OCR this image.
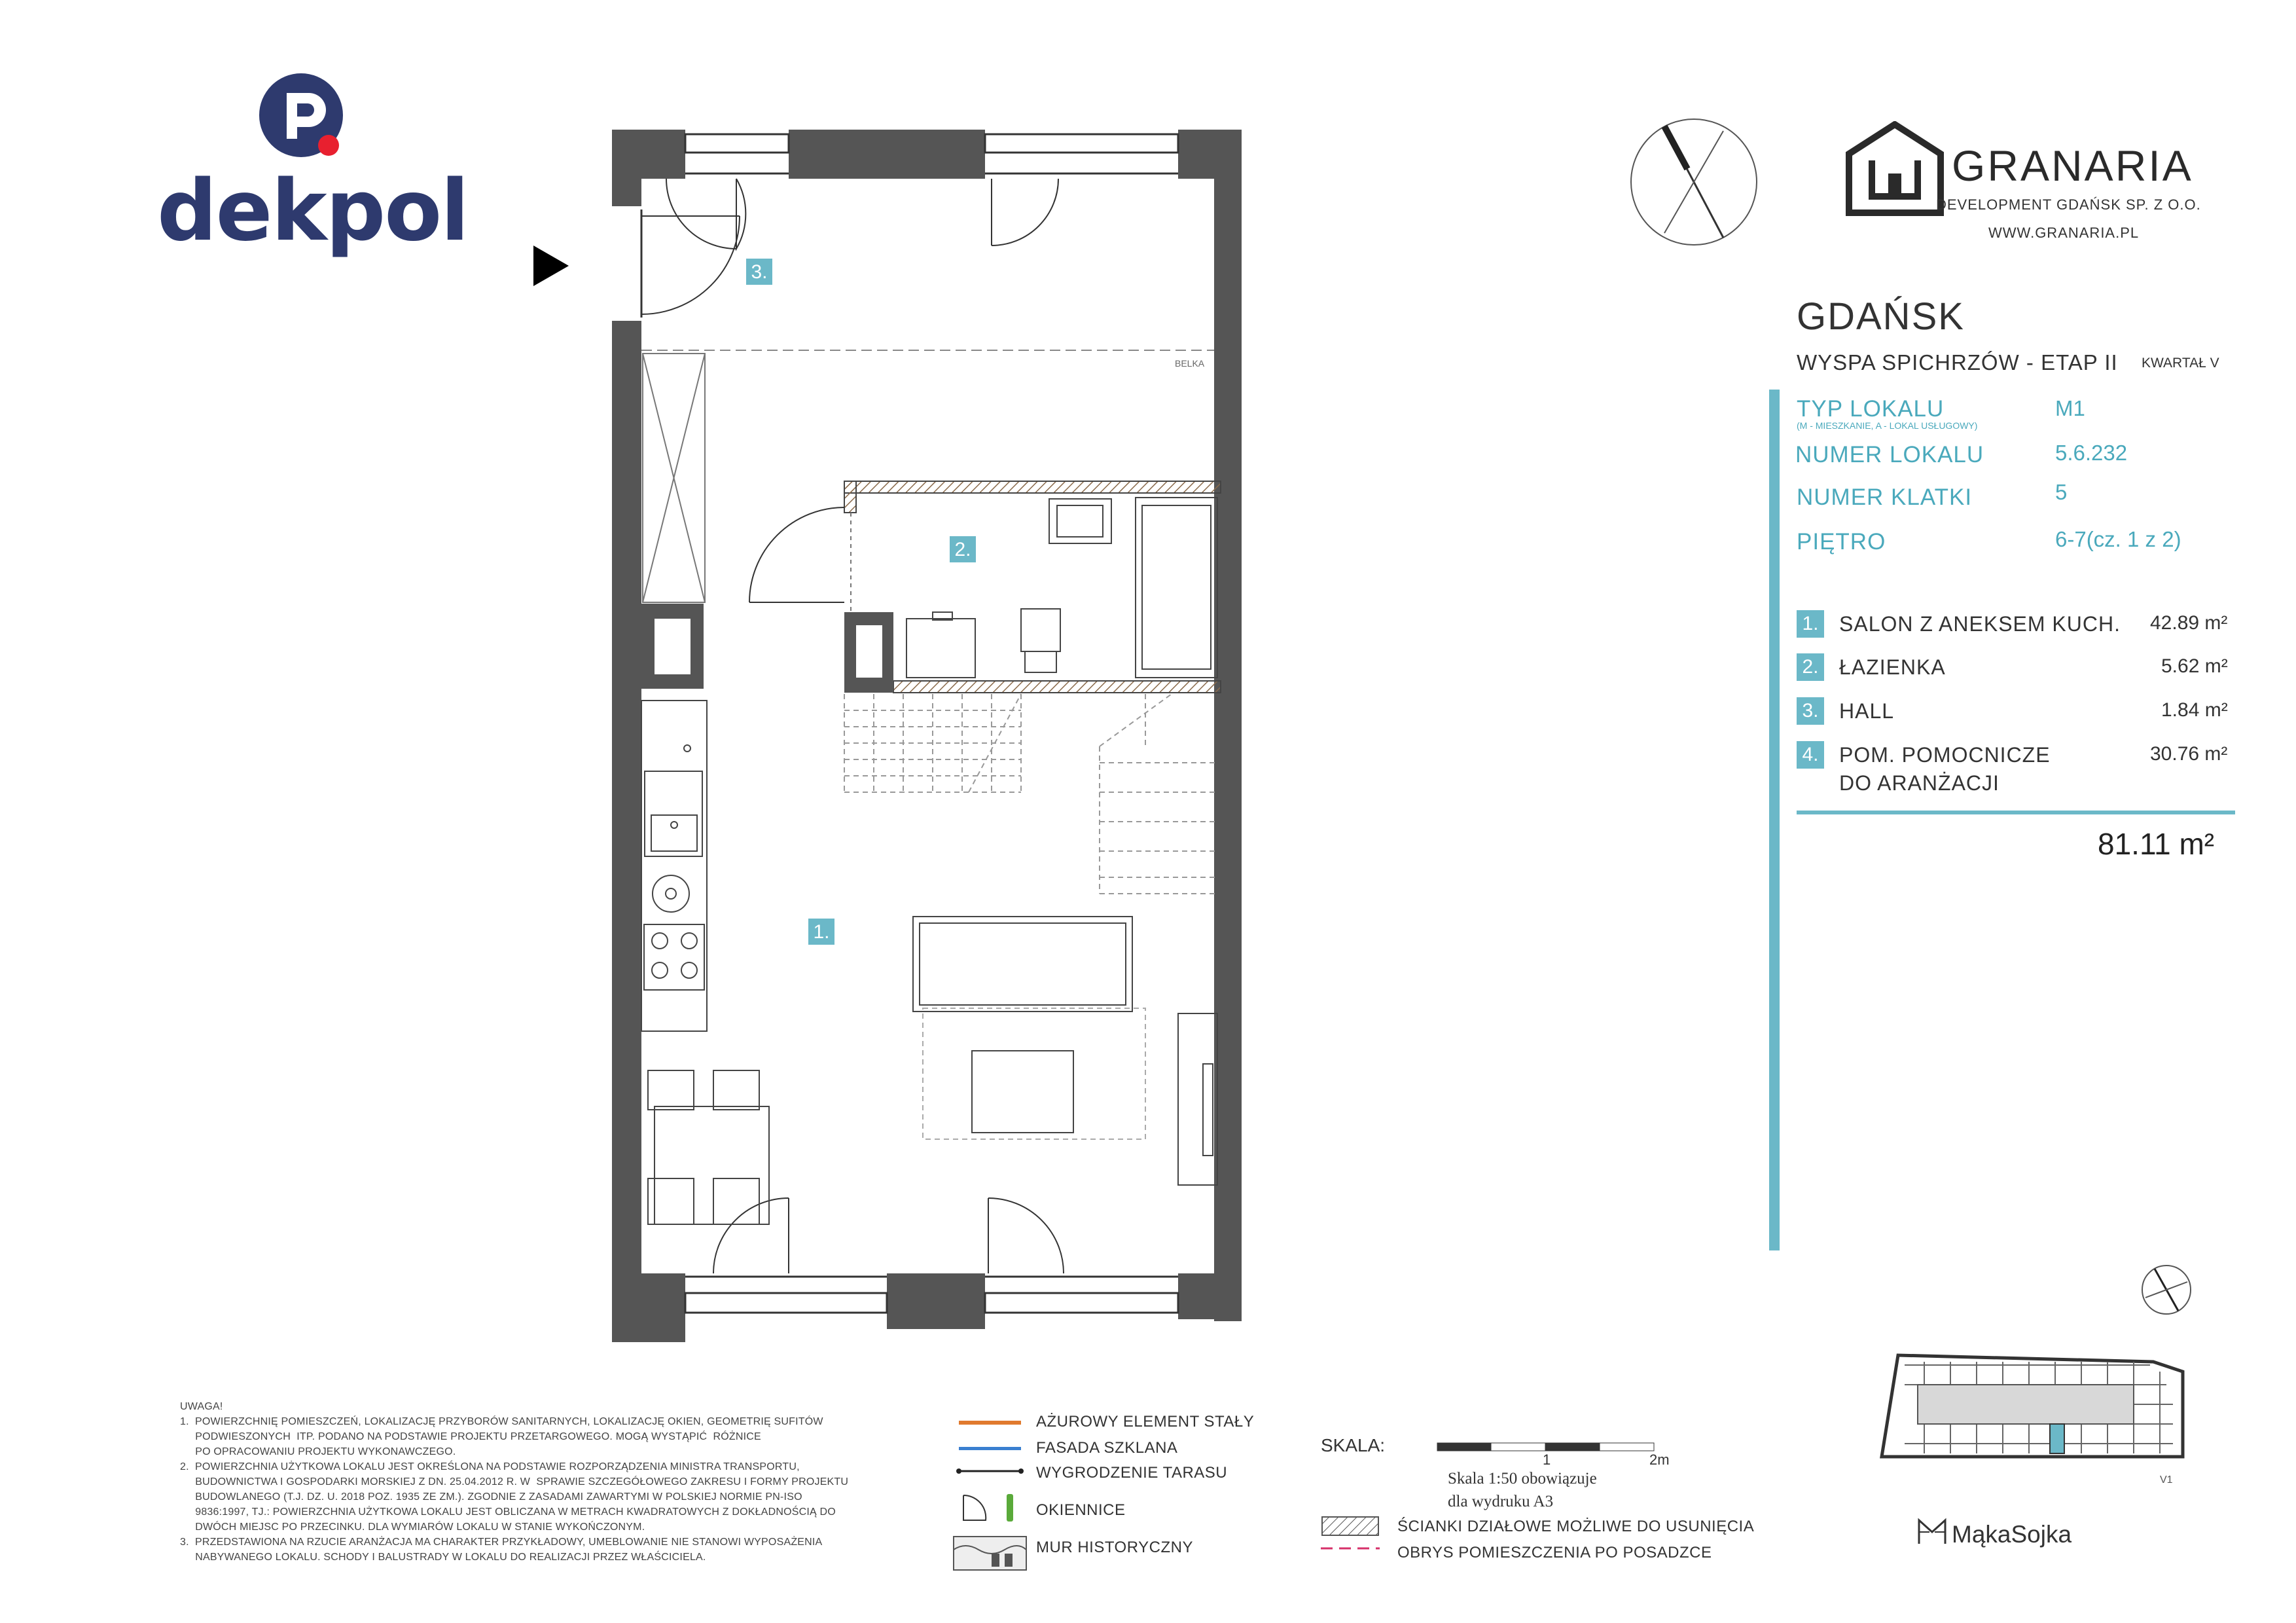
dekpol
BELKA
3.
2.
1.
GRANARIA
DEVELOPMENT GDAŃSK SP. Z O.O.
WWW.GRANARIA.PL
GDAŃSK
WYSPA SPICHRZÓW - ETAP II KWARTAŁ V
TYP LOKALU
(M - MIESZKANIE, A - LOKAL USŁUGOWY)
M1
NUMER LOKALU	5.6.232
NUMER KLATKI	5
PIĘTRO	6-7(cz. 1 z 2)
1. SALON Z ANEKSEM KUCH. 42.89 m²
2. ŁAZIENKA	5.62 m²
3. HALL	1.84 m²
4. POM. POMOCNICZE
DO ARANŻACJI
30.76 m²
81.11 m²
UWAGA!
1.  POWIERZCHNIĘ POMIESZCZEŃ, LOKALIZACJĘ PRZYBORÓW SANITARNYCH, LOKALIZACJĘ OKIEN, GEOMETRIĘ SUFITÓW
PODWIESZONYCH  ITP. PODANO NA PODSTAWIE PROJEKTU PRZETARGOWEGO. MOGĄ WYSTĄPIĆ  RÓŻNICE
PO OPRACOWANIU PROJEKTU WYKONAWCZEGO.
2.  POWIERZCHNIA UŻYTKOWA LOKALU JEST OKREŚLONA NA PODSTAWIE ROZPORZĄDZENIA MINISTRA TRANSPORTU,
BUDOWNICTWA I GOSPODARKI MORSKIEJ Z DN. 25.04.2012 R. W  SPRAWIE SZCZEGÓŁOWEGO ZAKRESU I FORMY PROJEKTU
BUDOWLANEGO (T.J. DZ. U. 2018 POZ. 1935 ZE ZM.). ZGODNIE Z ZASADAMI ZAWARTYMI W POLSKIEJ NORMIE PN-ISO
9836:1997, TJ.: POWIERZCHNIA UŻYTKOWA LOKALU JEST OBLICZANA W METRACH KWADRATOWYCH Z DOKŁADNOŚCIĄ DO
DWÓCH MIEJSC PO PRZECINKU. DLA WYMIARÓW LOKALU W STANIE WYKOŃCZONYM.
3.  PRZEDSTAWIONA NA RZUCIE ARANŻACJA MA CHARAKTER PRZYKŁADOWY, UMEBLOWANIE NIE STANOWI WYPOSAŻENIA
NABYWANEGO LOKALU. SCHODY I BALUSTRADY W LOKALU DO REALIZACJI PRZEZ WŁAŚCICIELA.
AŻUROWY ELEMENT STAŁY
FASADA SZKLANA
WYGRODZENIE TARASU
OKIENNICE
MUR HISTORYCZNY
SKALA:
1	2m
Skala 1:50 obowiązuje
dla wydruku A3
ŚCIANKI DZIAŁOWE MOŻLIWE DO USUNIĘCIA
OBRYS POMIESZCZENIA PO POSADZCE
V1
MąkaSojka
